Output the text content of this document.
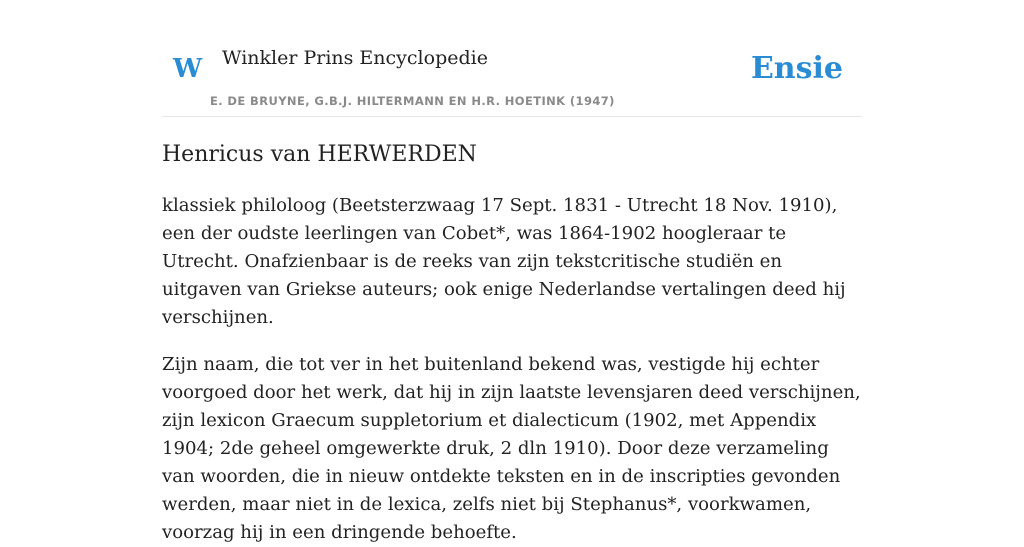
W Winkler Prins Encyclopedie
E. DE BRUYNE, G.B.J. HILTERMANN EN H.R. HOETINK (1947)
Ensie
Henricus van HERWERDEN

klassiek philoloog (Beetsterzwaag 17 Sept. 1831 - Utrecht 18 Nov. 1910), een der oudste leerlingen van Cobet*, was 1864-1902 hoogleraar te Utrecht. Onafzienbaar is de reeks van zijn tekstcritische studiën en uitgaven van Griekse auteurs; ook enige Nederlandse vertalingen deed hij verschijnen.

Zijn naam, die tot ver in het buitenland bekend was, vestigde hij echter voorgoed door het werk, dat hij in zijn laatste levensjaren deed verschijnen, zijn lexicon Graecum suppletorium et dialecticum (1902, met Appendix 1904; 2de geheel omgewerkte druk, 2 dln 1910). Door deze verzameling van woorden, die in nieuw ontdekte teksten en in de inscripties gevonden werden, maar niet in de lexica, zelfs niet bij Stephanus*, voorkwamen, voorzag hij in een dringende behoefte.
